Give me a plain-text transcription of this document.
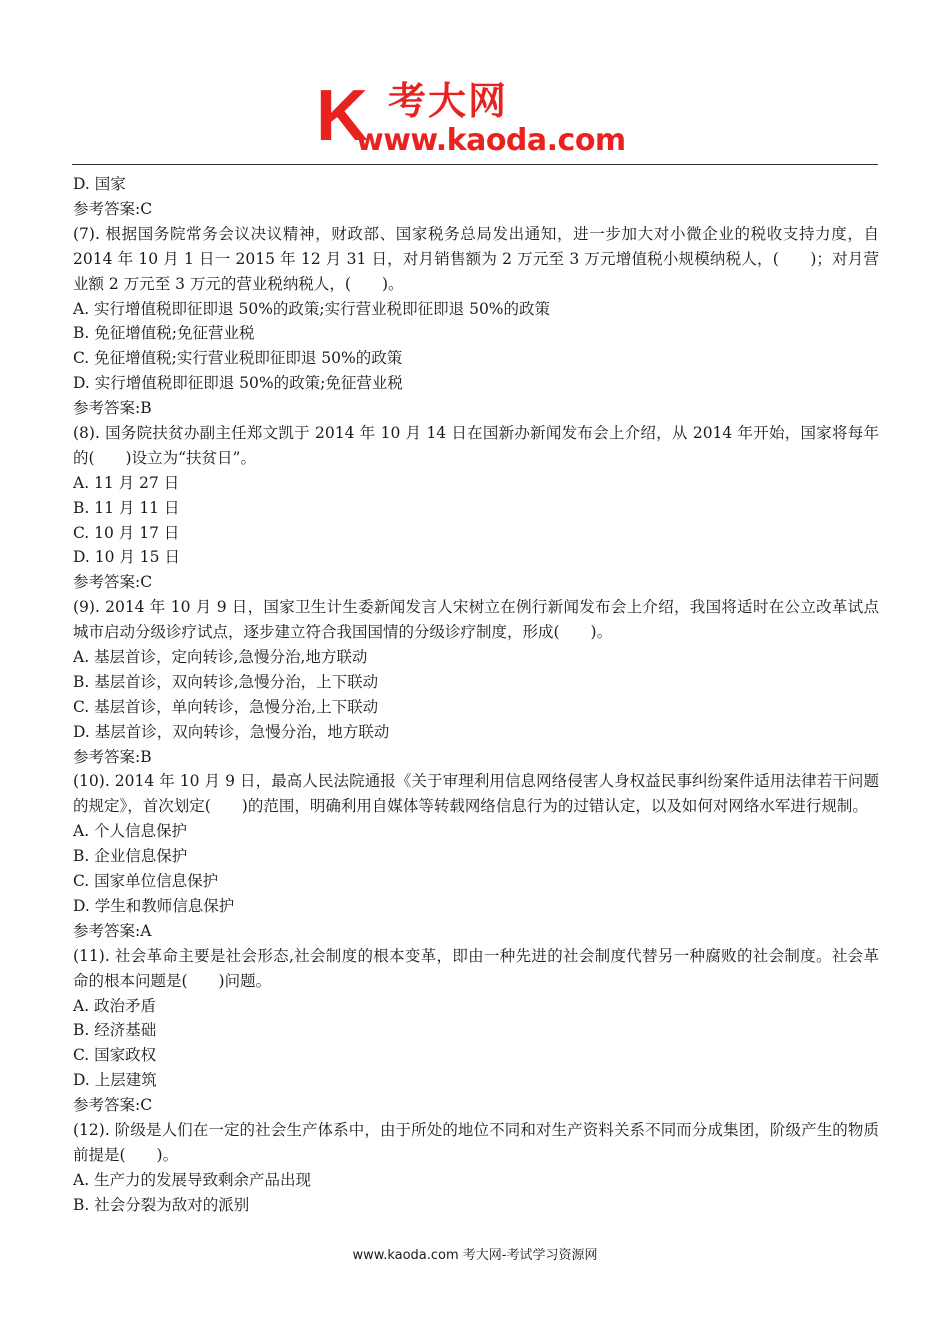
K 考大网
www.kaoda.com
D. 国家
参考答案:C
(7). 根据国务院常务会议决议精神，财政部、国家税务总局发出通知，进一步加大对小微企业的税收支持力度，自 2014 年 10 月 1 日一 2015 年 12 月 31 日，对月销售额为 2 万元至 3 万元增值税小规模纳税人，(　　)；对月营业额 2 万元至 3 万元的营业税纳税人，(　　)。
A. 实行增值税即征即退 50%的政策;实行营业税即征即退 50%的政策
B. 免征增值税;免征营业税
C. 免征增值税;实行营业税即征即退 50%的政策
D. 实行增值税即征即退 50%的政策;免征营业税
参考答案:B
(8). 国务院扶贫办副主任郑文凯于 2014 年 10 月 14 日在国新办新闻发布会上介绍，从 2014 年开始，国家将每年的(　　)设立为“扶贫日”。
A. 11 月 27 日
B. 11 月 11 日
C. 10 月 17 日
D. 10 月 15 日
参考答案:C
(9). 2014 年 10 月 9 日，国家卫生计生委新闻发言人宋树立在例行新闻发布会上介绍，我国将适时在公立改革试点城市启动分级诊疗试点，逐步建立符合我国国情的分级诊疗制度，形成(　　)。
A. 基层首诊，定向转诊,急慢分治,地方联动
B. 基层首诊，双向转诊,急慢分治，上下联动
C. 基层首诊，单向转诊，急慢分治,上下联动
D. 基层首诊，双向转诊，急慢分治，地方联动
参考答案:B
(10). 2014 年 10 月 9 日，最高人民法院通报《关于审理利用信息网络侵害人身权益民事纠纷案件适用法律若干问题的规定》，首次划定(　　)的范围，明确利用自媒体等转载网络信息行为的过错认定，以及如何对网络水军进行规制。
A. 个人信息保护
B. 企业信息保护
C. 国家单位信息保护
D. 学生和教师信息保护
参考答案:A
(11). 社会革命主要是社会形态,社会制度的根本变革，即由一种先进的社会制度代替另一种腐败的社会制度。社会革命的根本问题是(　　)问题。
A. 政治矛盾
B. 经济基础
C. 国家政权
D. 上层建筑
参考答案:C
(12). 阶级是人们在一定的社会生产体系中，由于所处的地位不同和对生产资料关系不同而分成集团，阶级产生的物质前提是(　　)。
A. 生产力的发展导致剩余产品出现
B. 社会分裂为敌对的派别
www.kaoda.com 考大网-考试学习资源网
